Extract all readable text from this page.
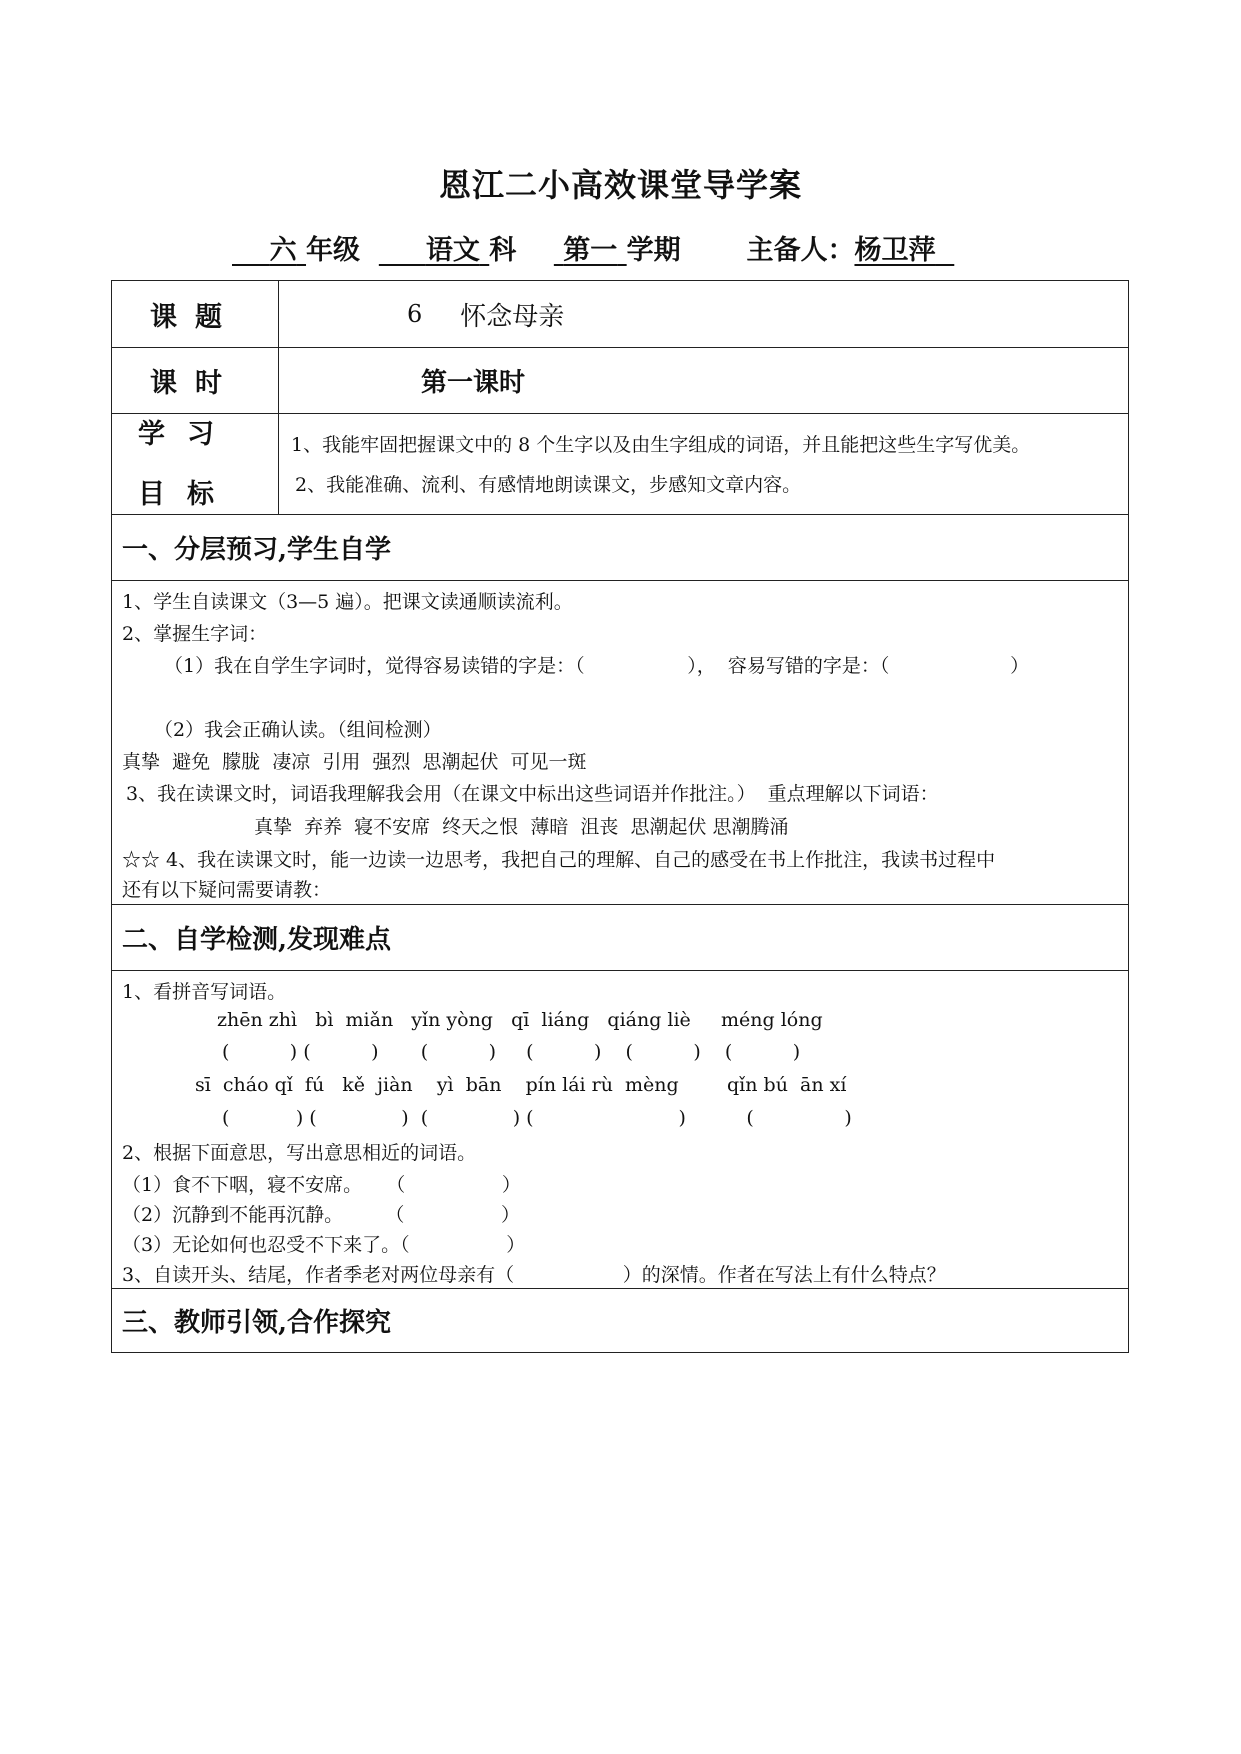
恩江二小高效课堂导学案
六 年级 语文 科 第一 学期 主备人：杨卫萍
课题	6 怀念母亲
课时	第一课时
学习
目标
1、我能牢固把握课文中的 8 个生字以及由生字组成的词语，并且能把这些生字写优美。
2、我能准确、流利、有感情地朗读课文，步感知文章内容。
一、分层预习,学生自学
1、学生自读课文（3—5 遍）。把课文读通顺读流利。
2、掌握生字词：
（1）我在自学生字词时，觉得容易读错的字是：（                 ），  容易写错的字是：（                    ）
（2）我会正确认读。（组间检测）
真挚  避免  朦胧  凄凉  引用  强烈  思潮起伏  可见一斑
3、我在读课文时，词语我理解我会用（在课文中标出这些词语并作批注。）  重点理解以下词语：
真挚  弃养  寝不安席  终天之恨  薄暗  沮丧  思潮起伏 思潮腾涌
☆☆ 4、我在读课文时，能一边读一边思考，我把自己的理解、自己的感受在书上作批注，我读书过程中
还有以下疑问需要请教：
二、自学检测,发现难点
1、看拼音写词语。
zhēn zhì   bì  miǎn   yǐn yòng   qī  liáng   qiáng liè     méng lóng
(          ) (          )       (          )     (          )    (          )    (          )
sī  cháo qǐ  fú   kě  jiàn    yì  bān    pín lái rù  mèng        qǐn bú  ān xí
(           ) (              )  (              ) (                        )          (               )
2、根据下面意思，写出意思相近的词语。
（1）食不下咽，寝不安席。    （                ）
（2）沉静到不能再沉静。       （                ）
（3）无论如何也忍受不下来了。（                ）
3、自读开头、结尾，作者季老对两位母亲有（                  ）的深情。作者在写法上有什么特点？
三、教师引领,合作探究
